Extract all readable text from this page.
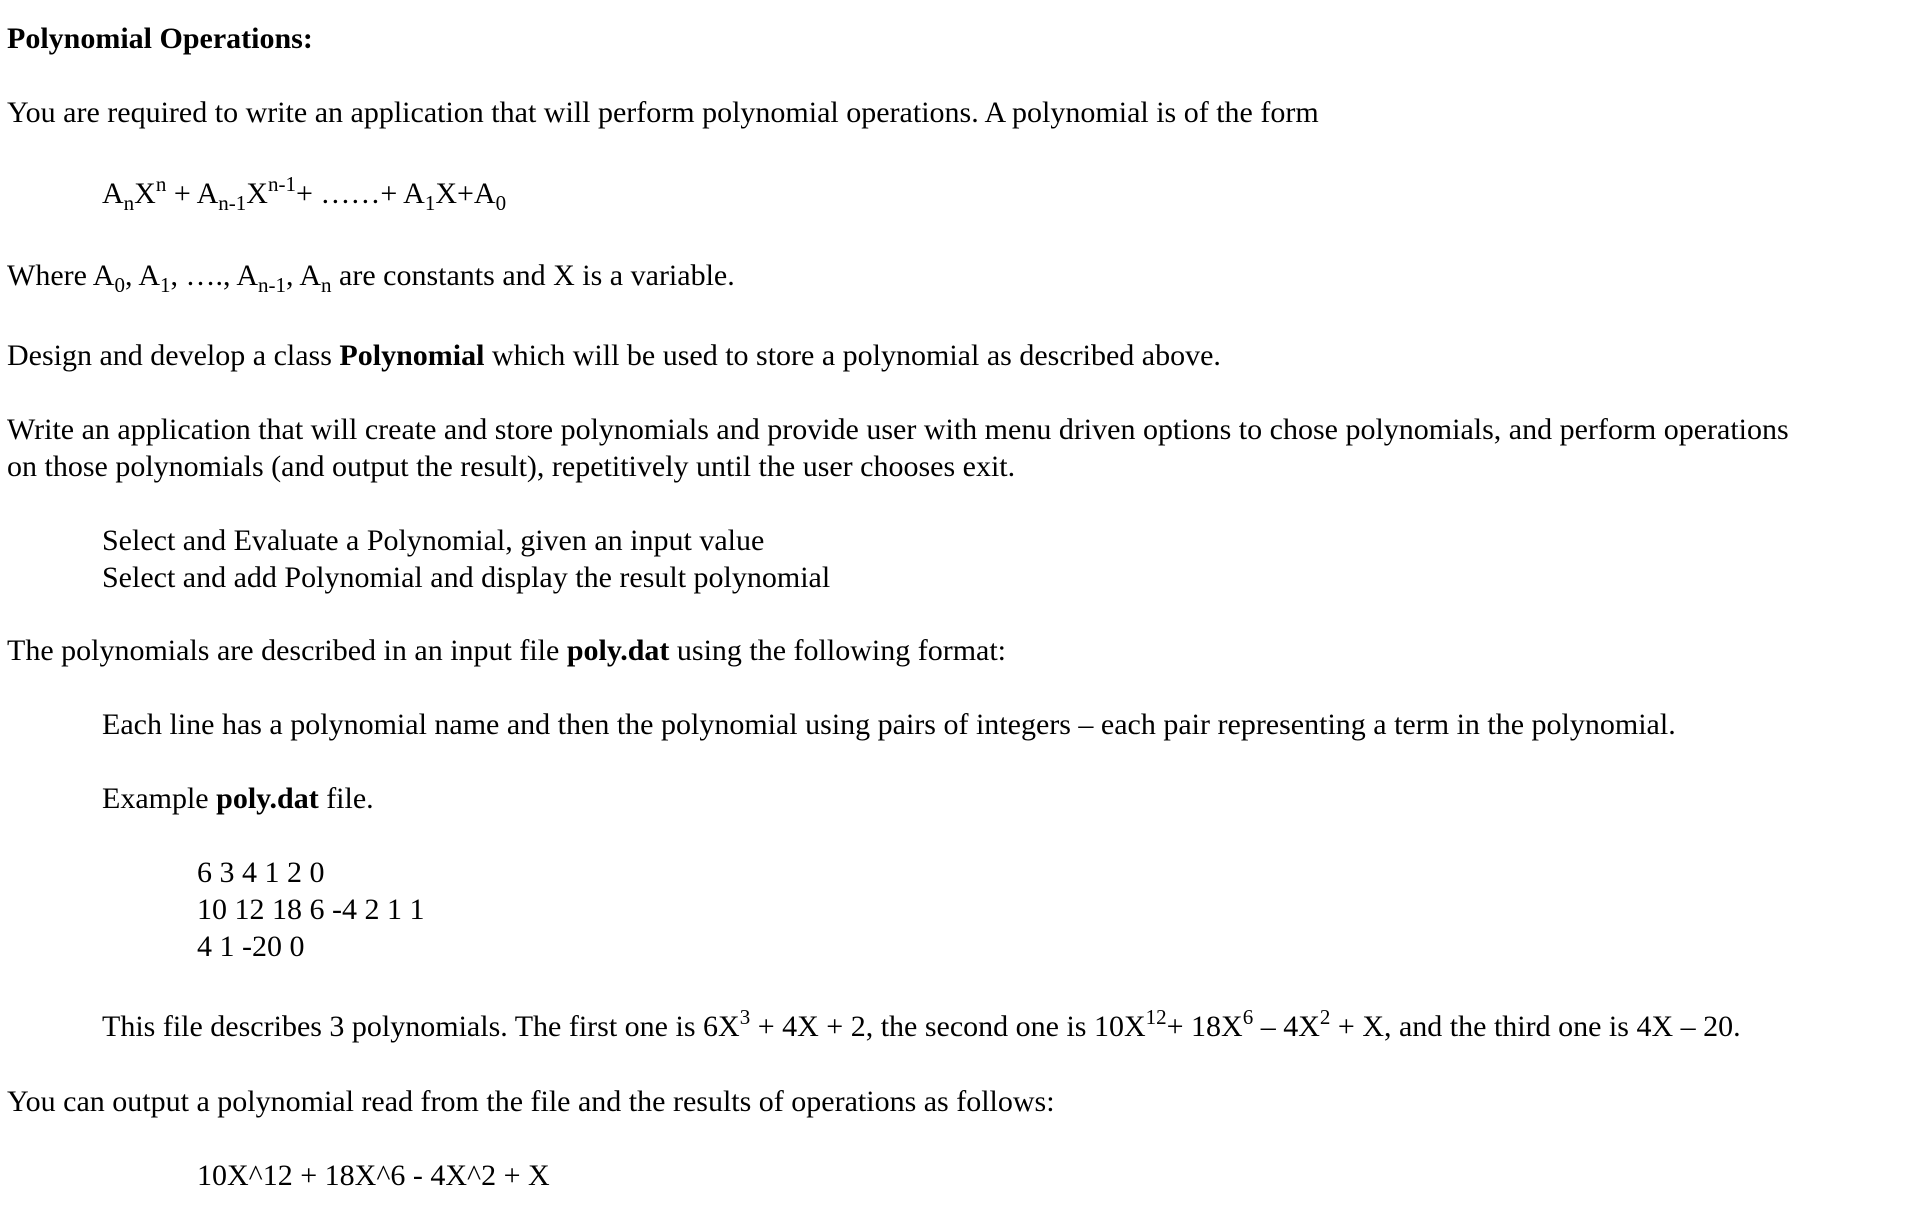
Polynomial Operations:
You are required to write an application that will perform polynomial operations. A polynomial is of the form
$A_nX^n + A_{n-1}X^{n-1}+$ ……+ $A_1X+A_0$
Where $A_0$, $A_1$, …., $A_{n-1}$, $A_n$ are constants and X is a variable.
Design and develop a class Polynomial which will be used to store a polynomial as described above.
Write an application that will create and store polynomials and provide user with menu driven options to chose polynomials, and perform operations
on those polynomials (and output the result), repetitively until the user chooses exit.
Select and Evaluate a Polynomial, given an input value
Select and add Polynomial and display the result polynomial
The polynomials are described in an input file poly.dat using the following format:
Each line has a polynomial name and then the polynomial using pairs of integers – each pair representing a term in the polynomial.
Example poly.dat file.
6 3 4 1 2 0
10 12 18 6 -4 2 1 1
4 1 -20 0
This file describes 3 polynomials. The first one is $6X^3 + 4X + 2$, the second one is $10X^{12}+ 18X^6 - 4X^2 + X$, and the third one is 4X – 20.
You can output a polynomial read from the file and the results of operations as follows:
10X^12 + 18X^6 - 4X^2 + X
